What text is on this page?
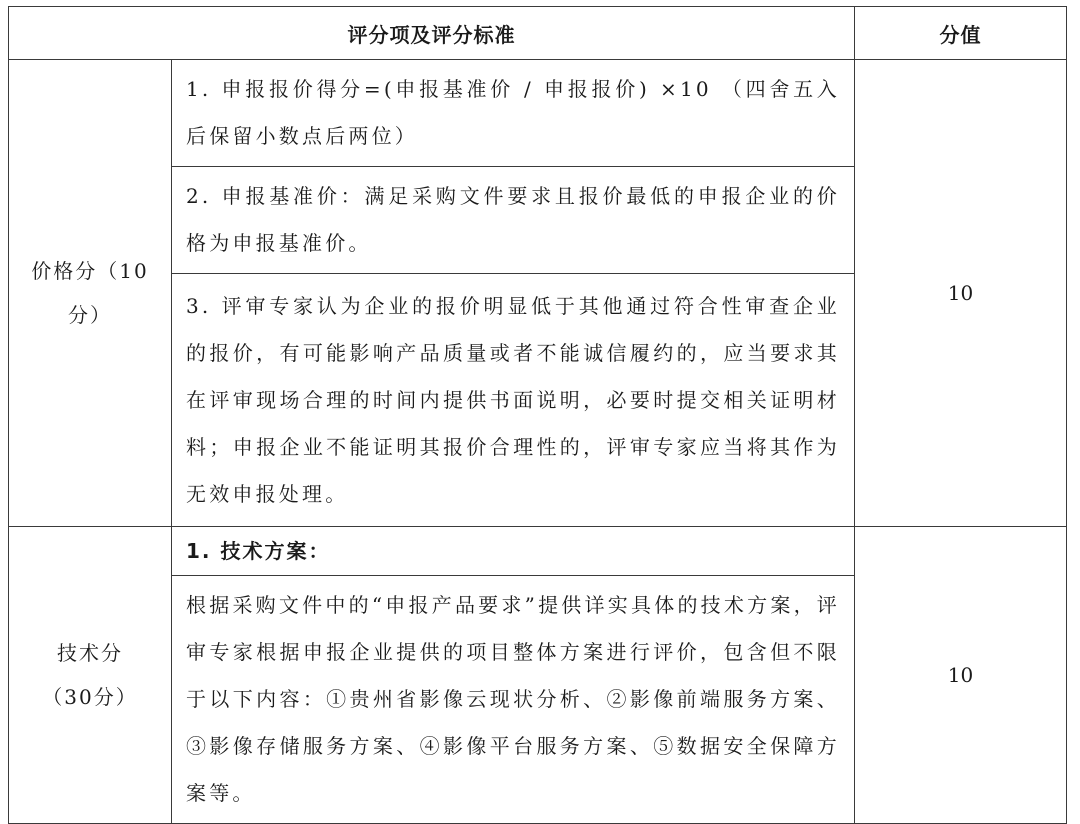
评分项及评分标准		分值

价格分（10
分）	1. 申报报价得分=(申报基准价 / 申报报价) ×10 （四舍五入后保留小数点后两位）	10
	2. 申报基准价：满足采购文件要求且报价最低的申报企业的价格为申报基准价。	
	3. 评审专家认为企业的报价明显低于其他通过符合性审查企业的报价，有可能影响产品质量或者不能诚信履约的，应当要求其在评审现场合理的时间内提供书面说明，必要时提交相关证明材料；申报企业不能证明其报价合理性的，评审专家应当将其作为无效申报处理。	

技术分
（30分）	1. 技术方案：	10
	根据采购文件中的“申报产品要求”提供详实具体的技术方案，评审专家根据申报企业提供的项目整体方案进行评价，包含但不限于以下内容：①贵州省影像云现状分析、②影像前端服务方案、③影像存储服务方案、④影像平台服务方案、⑤数据安全保障方案等。	
